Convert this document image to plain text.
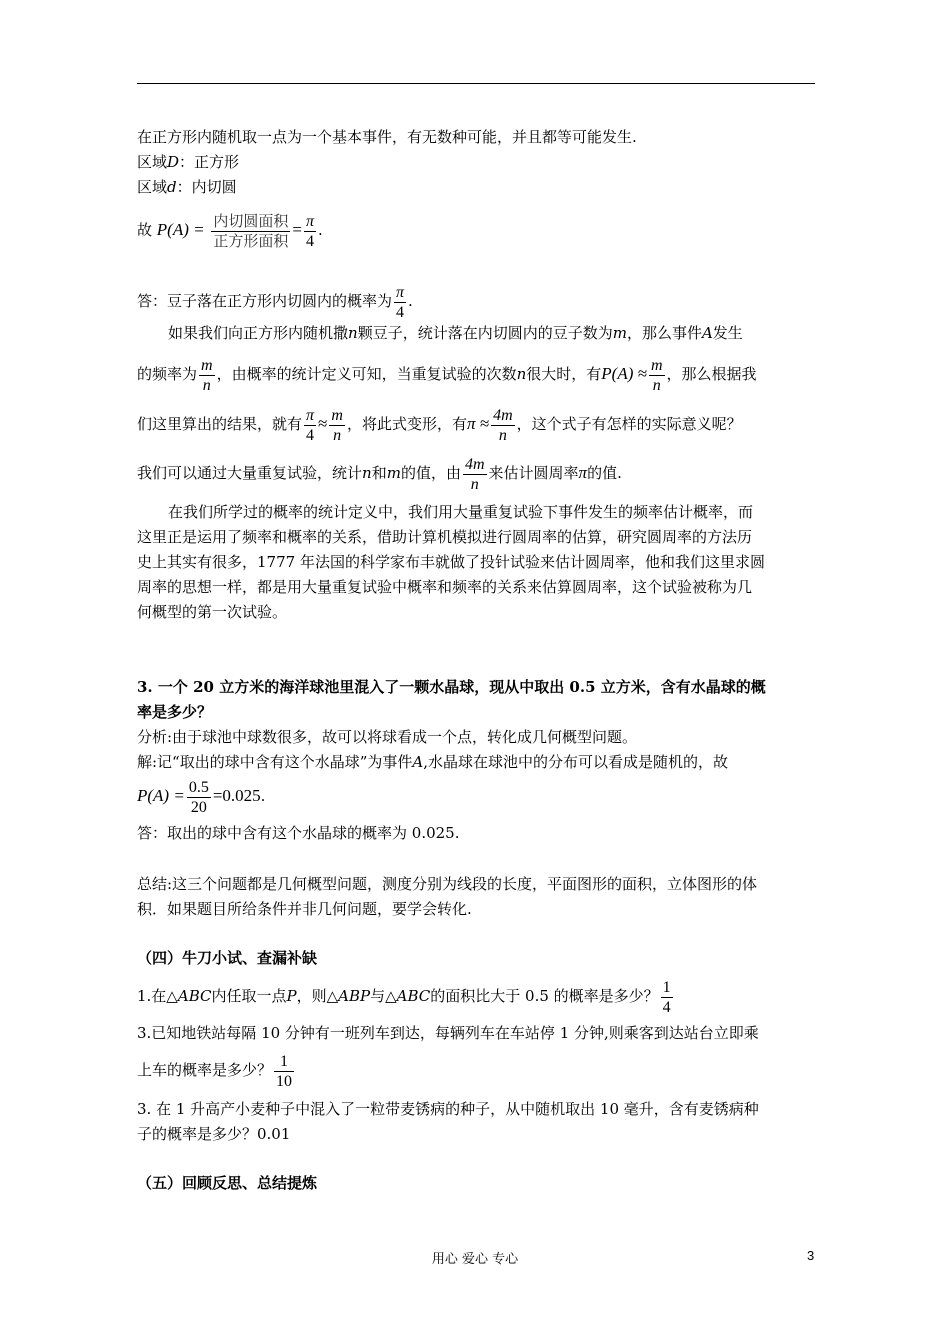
在正方形内随机取一点为一个基本事件，有无数种可能，并且都等可能发生.
区域D：正方形
区域d：内切圆
故 $P(A) = \frac{\text{内切圆面积}}{\text{正方形面积}} = \frac{\pi}{4}$ .
答：豆子落在正方形内切圆内的概率为 $\frac{\pi}{4}$ .
如果我们向正方形内随机撒n颗豆子，统计落在内切圆内的豆子数为m，那么事件A发生
的频率为 $\frac{m}{n}$ ，由概率的统计定义可知，当重复试验的次数n很大时，有$P(A) \approx \frac{m}{n}$ ，那么根据我
们这里算出的结果，就有 $\frac{\pi}{4} \approx \frac{m}{n}$ ，将此式变形，有$\pi \approx \frac{4m}{n}$ ，这个式子有怎样的实际意义呢？
我们可以通过大量重复试验，统计n和m的值，由 $\frac{4m}{n}$ 来估计圆周率π的值.
在我们所学过的概率的统计定义中，我们用大量重复试验下事件发生的频率估计概率，而
这里正是运用了频率和概率的关系，借助计算机模拟进行圆周率的估算，研究圆周率的方法历
史上其实有很多，1777 年法国的科学家布丰就做了投针试验来估计圆周率，他和我们这里求圆
周率的思想一样，都是用大量重复试验中概率和频率的关系来估算圆周率，这个试验被称为几
何概型的第一次试验。
3. 一个 20 立方米的海洋球池里混入了一颗水晶球，现从中取出 0.5 立方米，含有水晶球的概
率是多少？
分析:由于球池中球数很多，故可以将球看成一个点，转化成几何概型问题。
解:记“取出的球中含有这个水晶球”为事件A,水晶球在球池中的分布可以看成是随机的，故
$P(A) = \frac{0.5}{20} =0.025$.
答：取出的球中含有这个水晶球的概率为 0.025.
总结:这三个问题都是几何概型问题，测度分别为线段的长度，平面图形的面积，立体图形的体
积．如果题目所给条件并非几何问题，要学会转化.
（四）牛刀小试、查漏补缺
1.在△ABC内任取一点P，则△ABP与△ABC的面积比大于 0.5 的概率是多少？ $\frac{1}{4}$
3.已知地铁站每隔 10 分钟有一班列车到达，每辆列车在车站停 1 分钟,则乘客到达站台立即乘
上车的概率是多少？ $\frac{1}{10}$
3. 在 1 升高产小麦种子中混入了一粒带麦锈病的种子，从中随机取出 10 毫升，含有麦锈病种
子的概率是多少？0.01
（五）回顾反思、总结提炼
用心 爱心 专心	3
